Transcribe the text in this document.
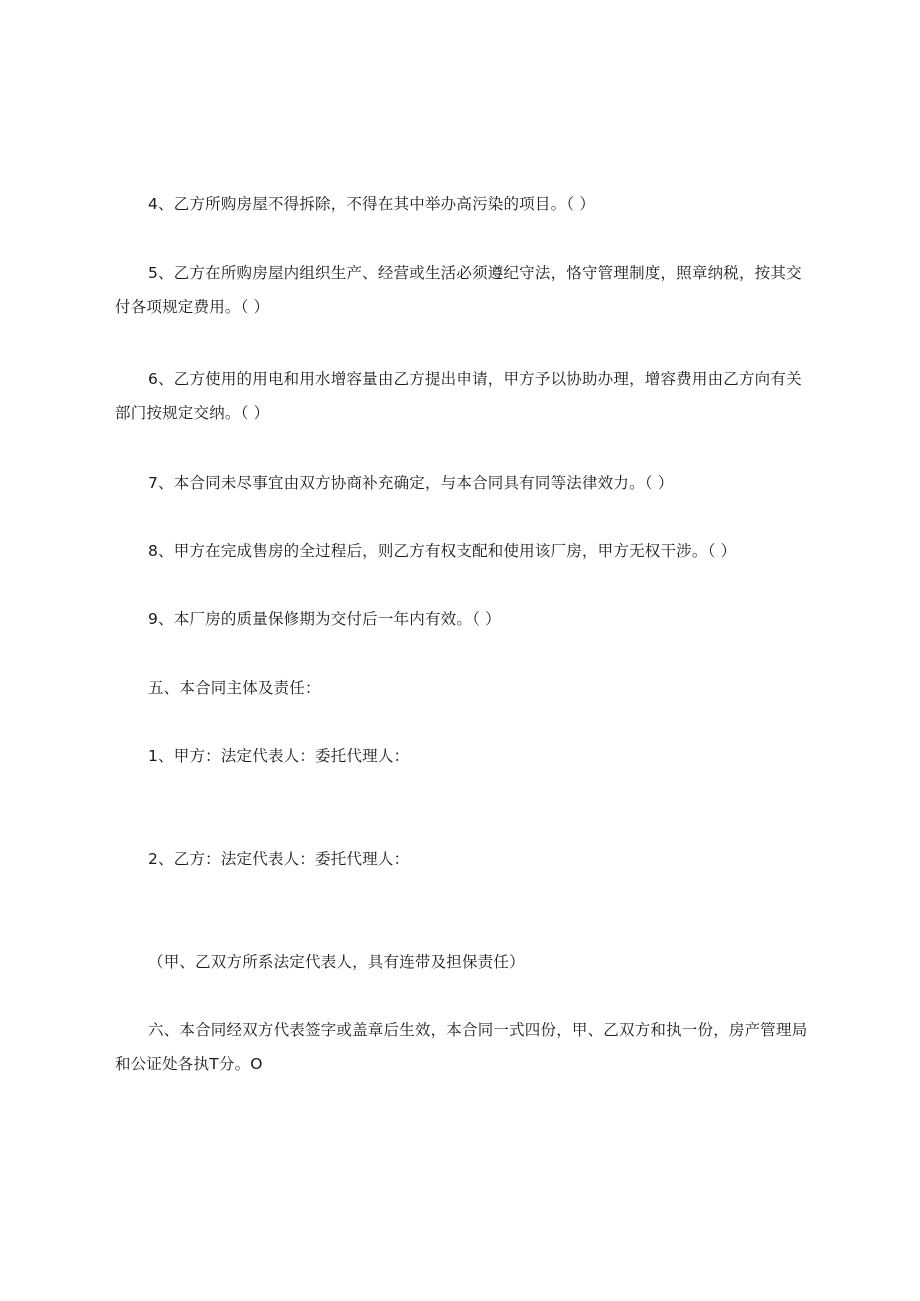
4、乙方所购房屋不得拆除，不得在其中举办高污染的项目。（ ）

5、乙方在所购房屋内组织生产、经营或生活必须遵纪守法，恪守管理制度，照章纳税，按其交付各项规定费用。（ ）

6、乙方使用的用电和用水增容量由乙方提出申请，甲方予以协助办理，增容费用由乙方向有关部门按规定交纳。（ ）

7、本合同未尽事宜由双方协商补充确定，与本合同具有同等法律效力。（ ）

8、甲方在完成售房的全过程后，则乙方有权支配和使用该厂房，甲方无权干涉。（ ）

9、本厂房的质量保修期为交付后一年内有效。（ ）

五、本合同主体及责任：

1、甲方：法定代表人：委托代理人：

2、乙方：法定代表人：委托代理人：

（甲、乙双方所系法定代表人，具有连带及担保责任）

六、本合同经双方代表签字或盖章后生效，本合同一式四份，甲、乙双方和执一份，房产管理局和公证处各执T分。O
